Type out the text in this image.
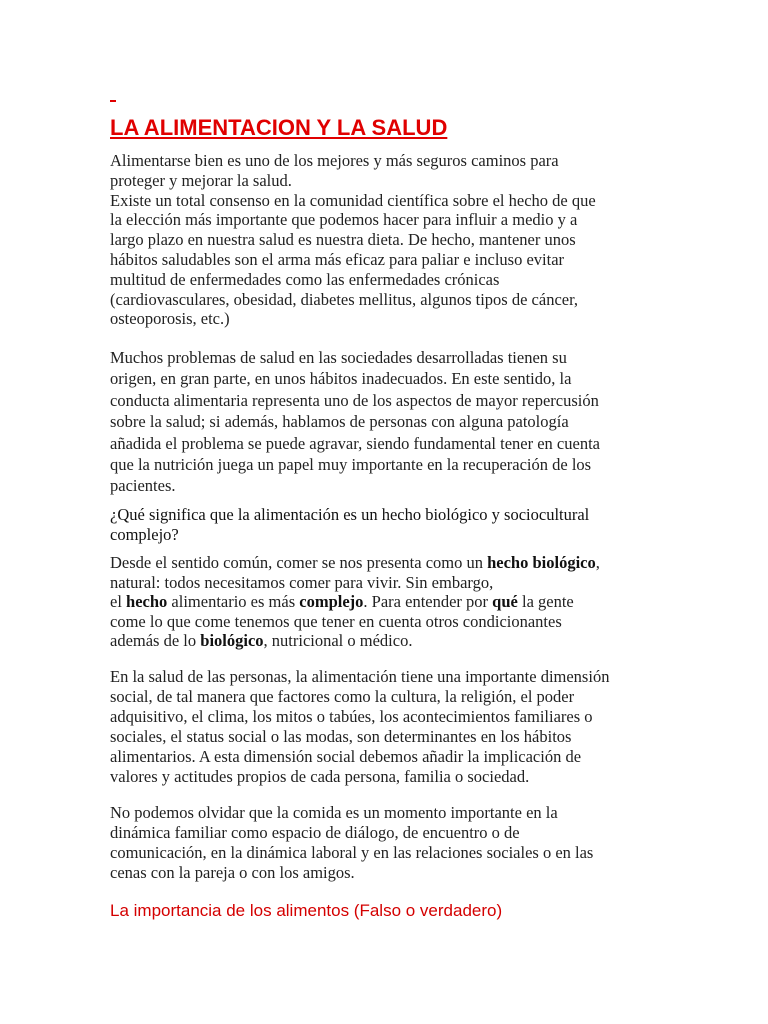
LA ALIMENTACION Y LA SALUD

Alimentarse bien es uno de los mejores y más seguros caminos para
proteger y mejorar la salud.
Existe un total consenso en la comunidad científica sobre el hecho de que
la elección más importante que podemos hacer para influir a medio y a
largo plazo en nuestra salud es nuestra dieta. De hecho, mantener unos
hábitos saludables son el arma más eficaz para paliar e incluso evitar
multitud de enfermedades como las enfermedades crónicas
(cardiovasculares, obesidad, diabetes mellitus, algunos tipos de cáncer,
osteoporosis, etc.)

Muchos problemas de salud en las sociedades desarrolladas tienen su
origen, en gran parte, en unos hábitos inadecuados. En este sentido, la
conducta alimentaria representa uno de los aspectos de mayor repercusión
sobre la salud; si además, hablamos de personas con alguna patología
añadida el problema se puede agravar, siendo fundamental tener en cuenta
que la nutrición juega un papel muy importante en la recuperación de los
pacientes.

¿Qué significa que la alimentación es un hecho biológico y sociocultural
complejo?

Desde el sentido común, comer se nos presenta como un hecho biológico,
natural: todos necesitamos comer para vivir. Sin embargo,
el hecho alimentario es más complejo. Para entender por qué la gente
come lo que come tenemos que tener en cuenta otros condicionantes
además de lo biológico, nutricional o médico.

En la salud de las personas, la alimentación tiene una importante dimensión
social, de tal manera que factores como la cultura, la religión, el poder
adquisitivo, el clima, los mitos o tabúes, los acontecimientos familiares o
sociales, el status social o las modas, son determinantes en los hábitos
alimentarios. A esta dimensión social debemos añadir la implicación de
valores y actitudes propios de cada persona, familia o sociedad.

No podemos olvidar que la comida es un momento importante en la
dinámica familiar como espacio de diálogo, de encuentro o de
comunicación, en la dinámica laboral y en las relaciones sociales o en las
cenas con la pareja o con los amigos.

La importancia de los alimentos (Falso o verdadero)
